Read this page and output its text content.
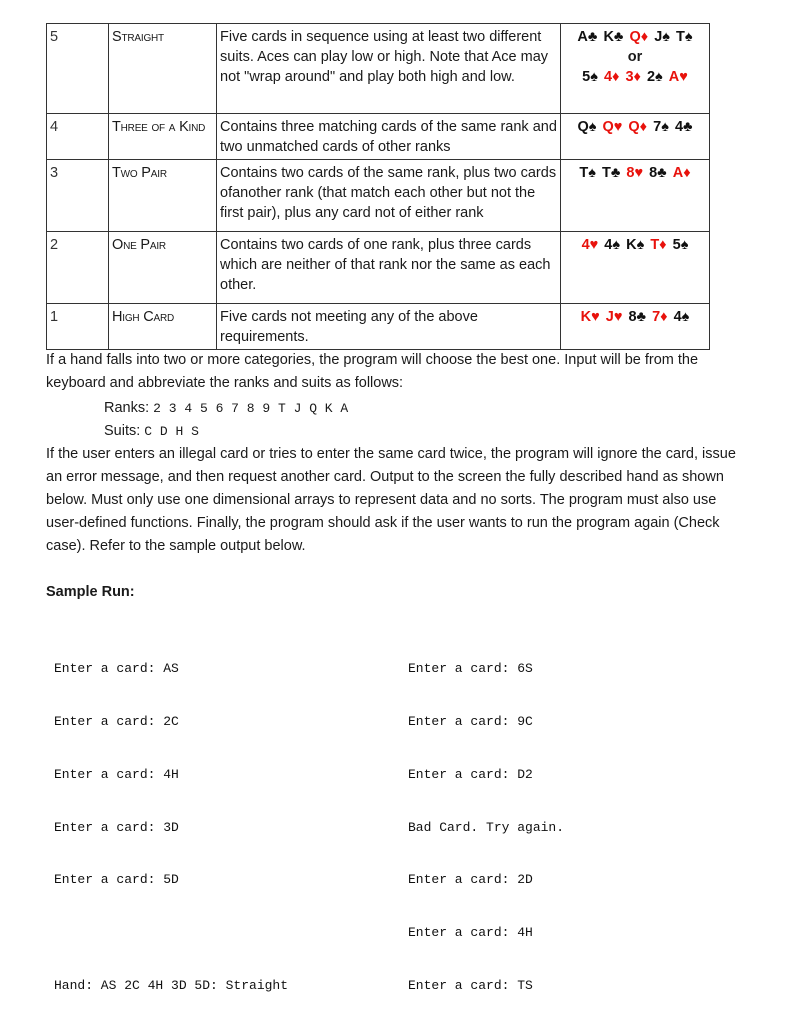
5	Straight	Five cards in sequence using at least two different suits. Aces can play low or high. Note that Ace may not "wrap around" and play both high and low.	A♣ K♣ Q♦ J♠ T♠
or
5♠ 4♦ 3♦ 2♠ A♥

4	Three of a Kind	Contains three matching cards of the same rank and two unmatched cards of other ranks	Q♠ Q♥ Q♦ 7♠ 4♣

3	Two Pair	Contains two cards of the same rank, plus two cards ofanother rank (that match each other but not the first pair), plus any card not of either rank	T♠ T♣ 8♥ 8♣ A♦

2	One Pair	Contains two cards of one rank, plus three cards which are neither of that rank nor the same as each other.	4♥ 4♠ K♠ T♦ 5♠

1	High Card	Five cards not meeting any of the above requirements.	K♥ J♥ 8♣ 7♦ 4♠
If a hand falls into two or more categories, the program will choose the best one. Input will be from the keyboard and abbreviate the ranks and suits as follows:
Ranks: 2 3 4 5 6 7 8 9 T J Q K A
Suits: C D H S
If the user enters an illegal card or tries to enter the same card twice, the program will ignore the card, issue an error message, and then request another card. Output to the screen the fully described hand as shown below. Must only use one dimensional arrays to represent data and no sorts. The program must also use user-defined functions. Finally, the program should ask if the user wants to run the program again (Check case). Refer to the sample output below.
Sample Run:

Enter a card: AS

Enter a card: 2C

Enter a card: 4H

Enter a card: 3D

Enter a card: 5D

Hand: AS 2C 4H 3D 5D: Straight

Enter a card: 6S

Enter a card: 9C

Enter a card: D2

Bad Card. Try again.

Enter a card: 2D

Enter a card: 4H

Enter a card: TS
